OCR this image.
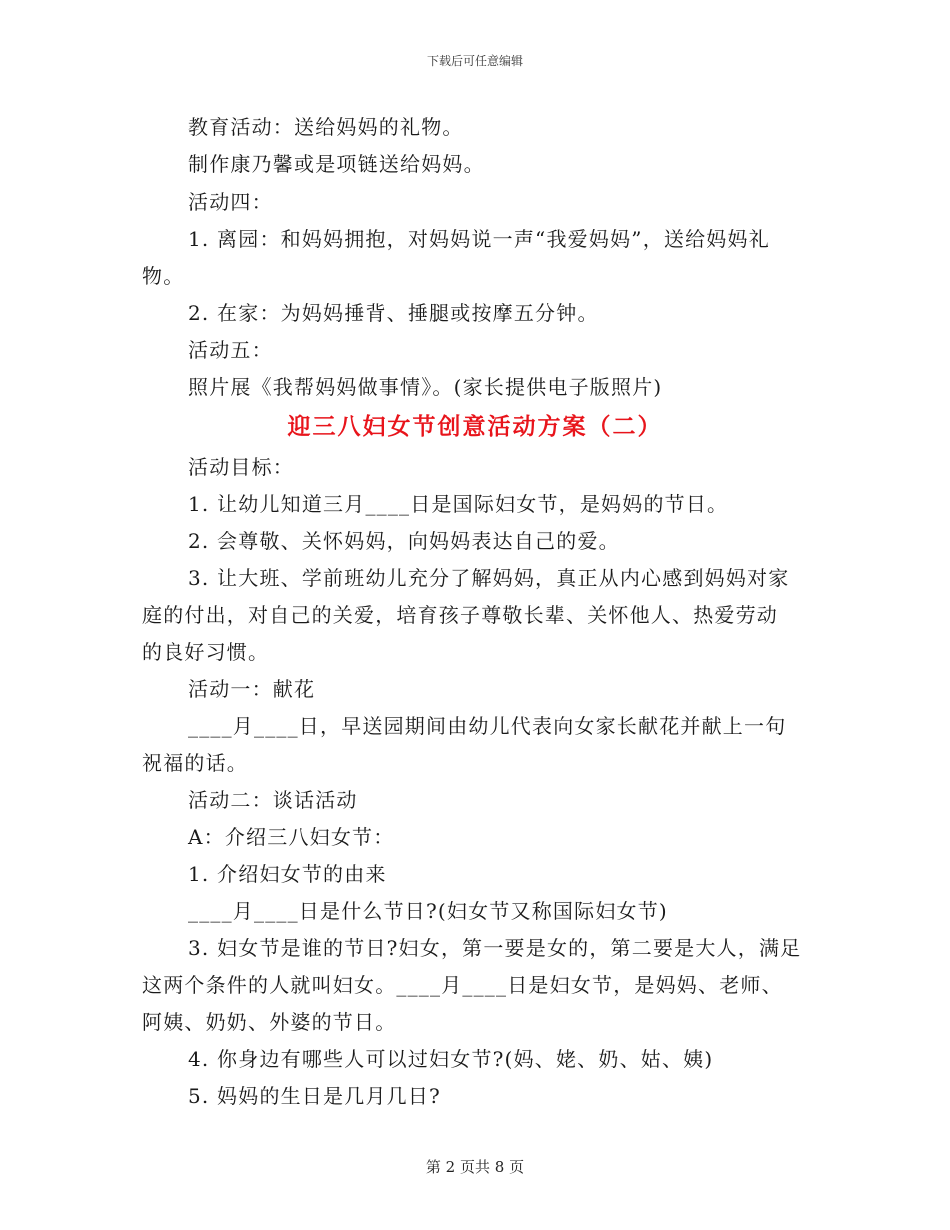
下载后可任意编辑
教育活动：送给妈妈的礼物。
制作康乃馨或是项链送给妈妈。
活动四：
1. 离园：和妈妈拥抱，对妈妈说一声“我爱妈妈”，送给妈妈礼
物。
2. 在家：为妈妈捶背、捶腿或按摩五分钟。
活动五：
照片展《我帮妈妈做事情》。(家长提供电子版照片)
迎三八妇女节创意活动方案（二）
活动目标：
1. 让幼儿知道三月____日是国际妇女节，是妈妈的节日。
2. 会尊敬、关怀妈妈，向妈妈表达自己的爱。
3. 让大班、学前班幼儿充分了解妈妈，真正从内心感到妈妈对家
庭的付出，对自己的关爱，培育孩子尊敬长辈、关怀他人、热爱劳动
的良好习惯。
活动一：献花
____月____日，早送园期间由幼儿代表向女家长献花并献上一句
祝福的话。
活动二：谈话活动
A：介绍三八妇女节：
1. 介绍妇女节的由来
____月____日是什么节日?(妇女节又称国际妇女节)
3. 妇女节是谁的节日?妇女，第一要是女的，第二要是大人，满足
这两个条件的人就叫妇女。____月____日是妇女节，是妈妈、老师、
阿姨、奶奶、外婆的节日。
4. 你身边有哪些人可以过妇女节?(妈、姥、奶、姑、姨)
5. 妈妈的生日是几月几日?
第 2 页共 8 页
